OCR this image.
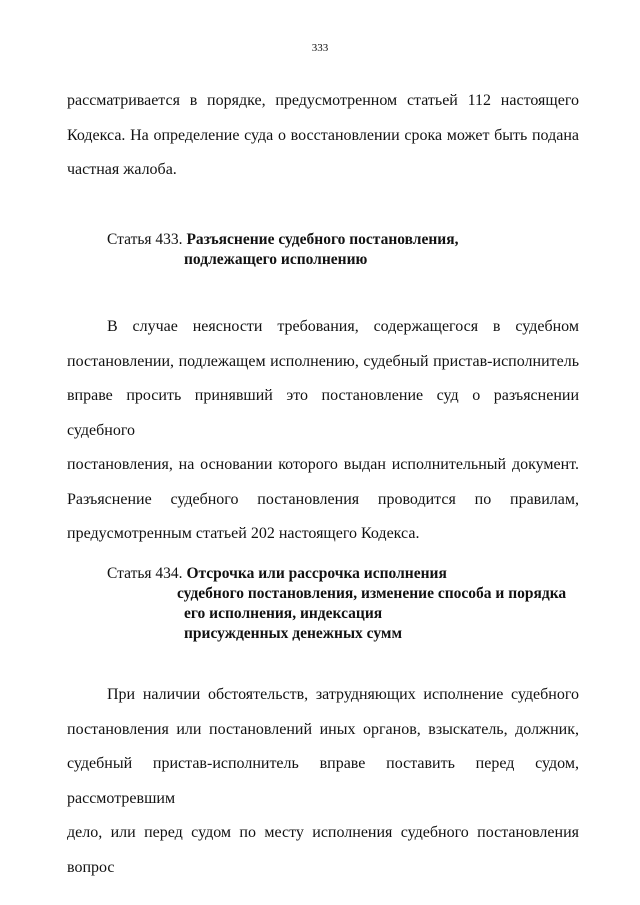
333
рассматривается в порядке, предусмотренном статьей 112 настоящего
Кодекса. На определение суда о восстановлении срока может быть подана
частная жалоба.
Статья 433. Разъяснение судебного постановления,
подлежащего исполнению
В случае неясности требования, содержащегося в судебном
постановлении, подлежащем исполнению, судебный пристав-исполнитель
вправе просить принявший это постановление суд о разъяснении судебного
постановления, на основании которого выдан исполнительный документ.
Разъяснение судебного постановления проводится по правилам,
предусмотренным статьей 202 настоящего Кодекса.
Статья 434. Отсрочка или рассрочка исполнения
судебного постановления, изменение способа и порядка
его исполнения, индексация
присужденных денежных сумм
При наличии обстоятельств, затрудняющих исполнение судебного
постановления или постановлений иных органов, взыскатель, должник,
судебный пристав-исполнитель вправе поставить перед судом, рассмотревшим
дело, или перед судом по месту исполнения судебного постановления вопрос
